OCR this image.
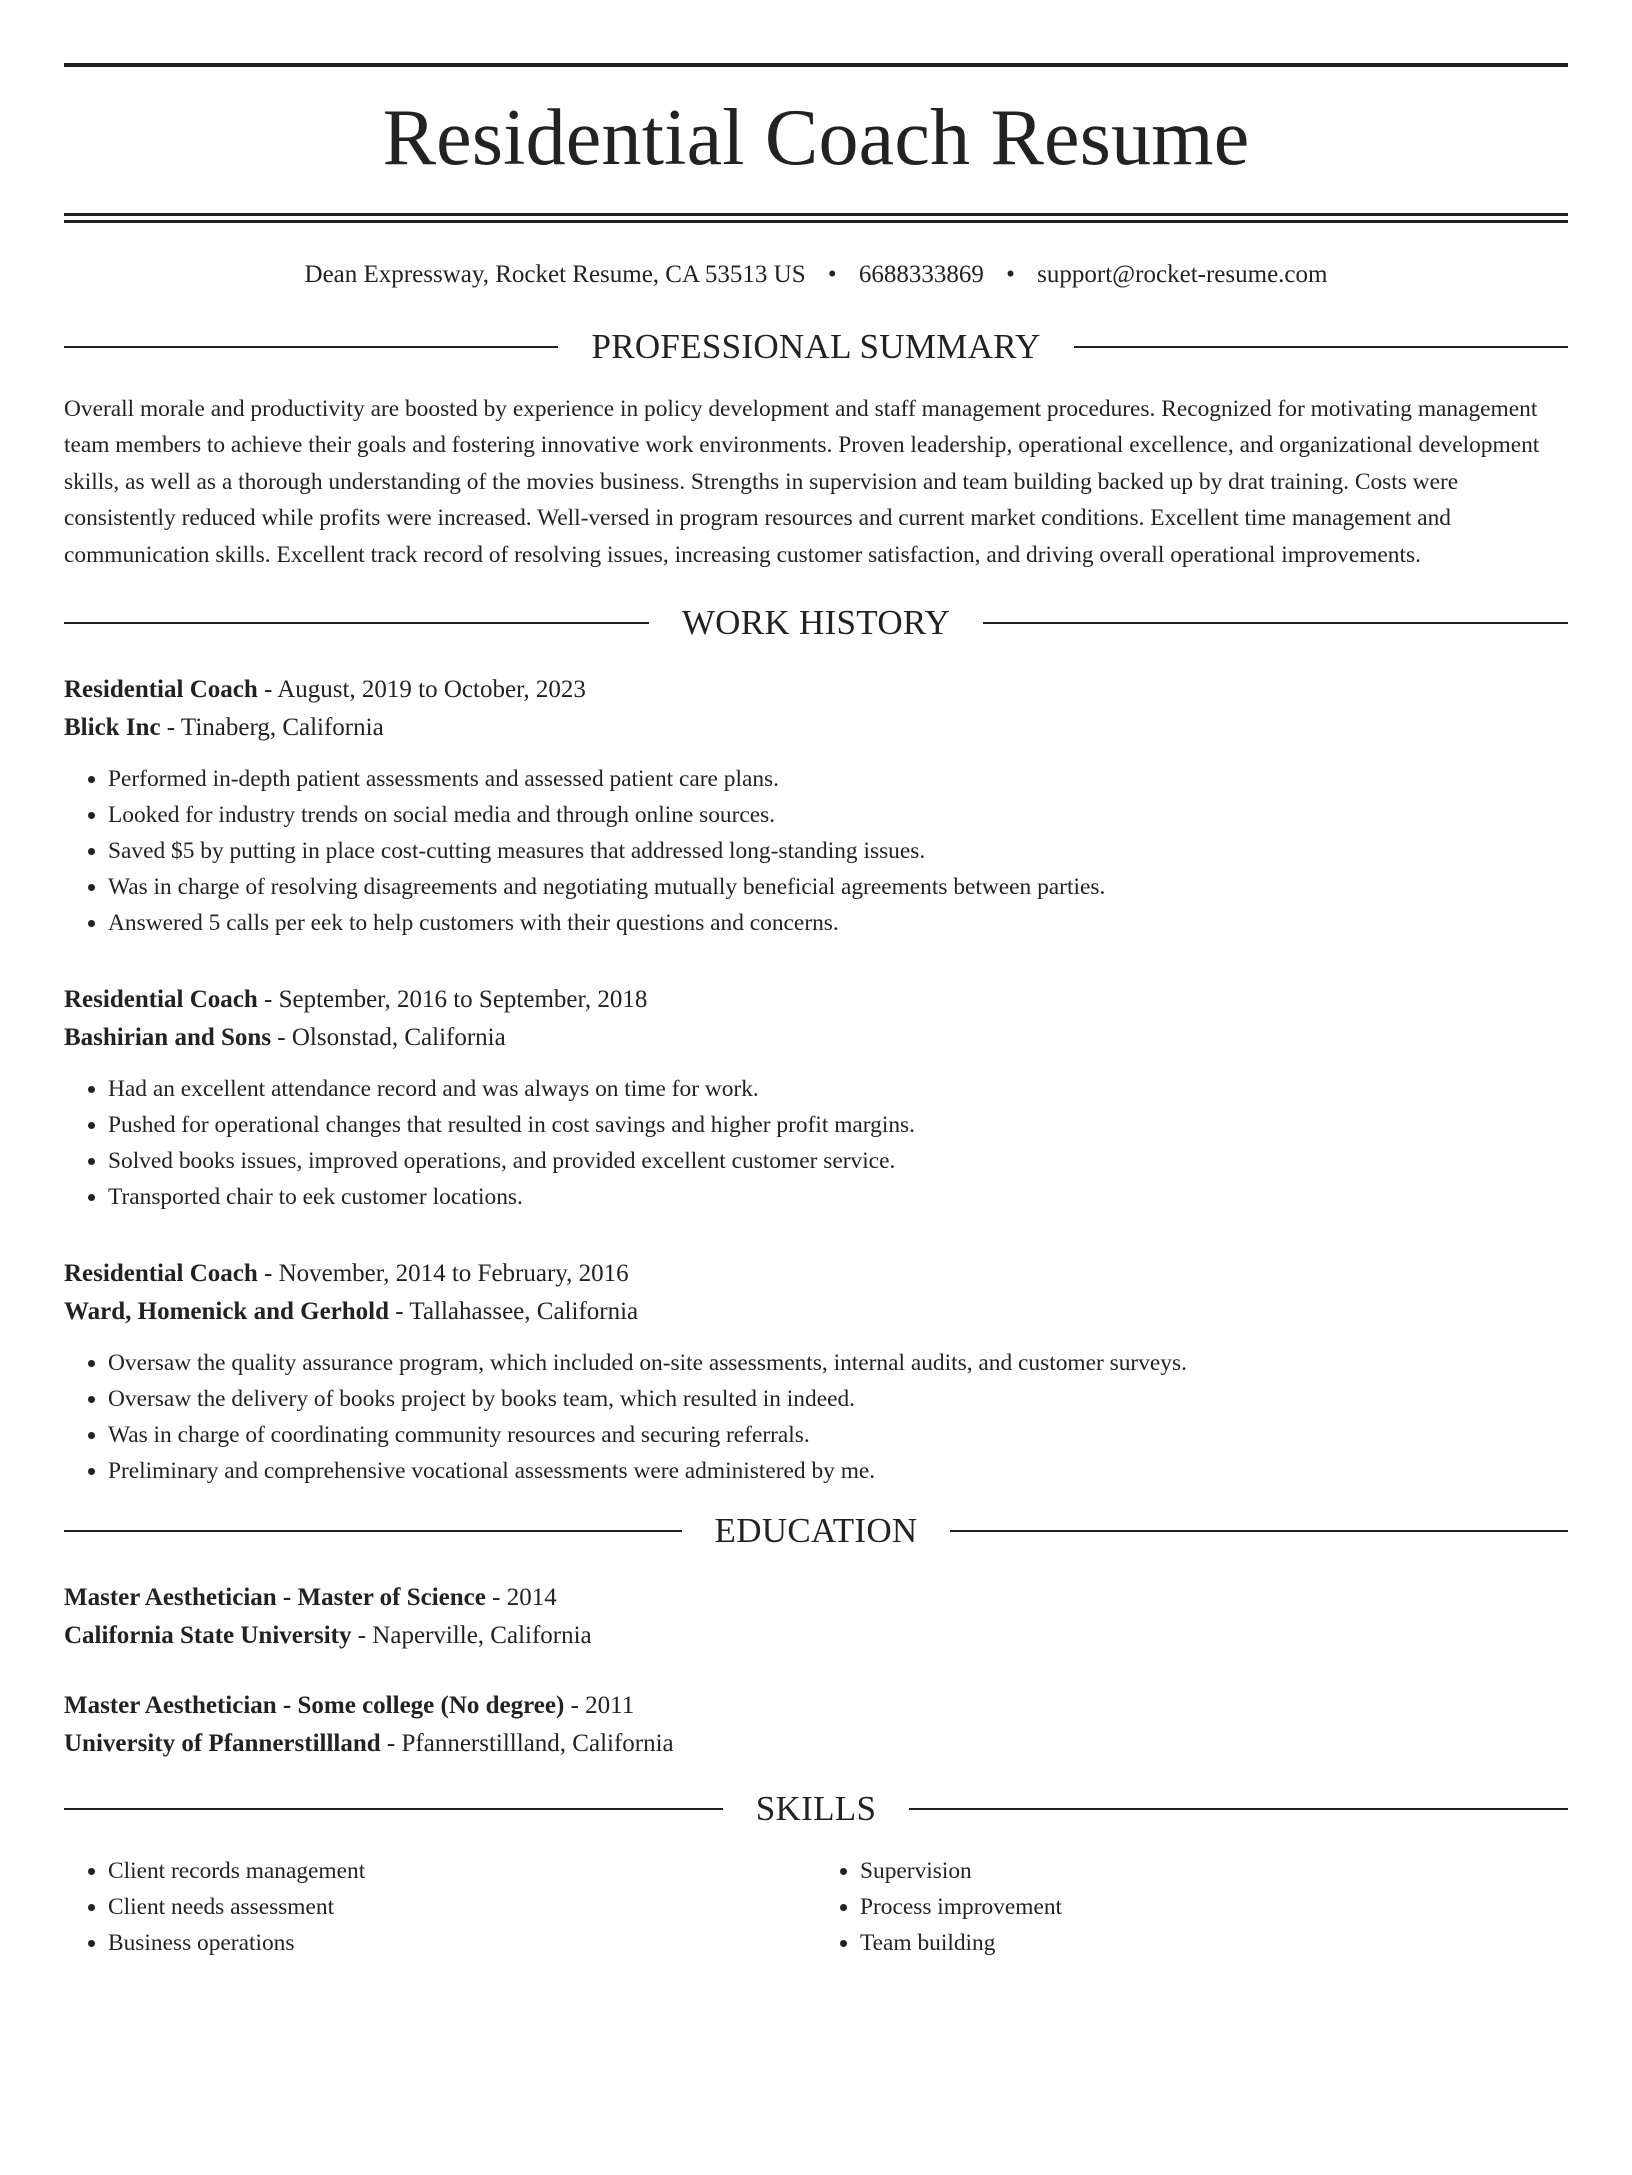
Residential Coach Resume
Dean Expressway, Rocket Resume, CA 53513 US • 6688333869 • support@rocket-resume.com
PROFESSIONAL SUMMARY

Overall morale and productivity are boosted by experience in policy development and staff management procedures. Recognized for motivating management team members to achieve their goals and fostering innovative work environments. Proven leadership, operational excellence, and organizational development skills, as well as a thorough understanding of the movies business. Strengths in supervision and team building backed up by drat training. Costs were consistently reduced while profits were increased. Well-versed in program resources and current market conditions. Excellent time management and communication skills. Excellent track record of resolving issues, increasing customer satisfaction, and driving overall operational improvements.

WORK HISTORY

Residential Coach - August, 2019 to October, 2023

Blick Inc - Tinaberg, California

• Performed in-depth patient assessments and assessed patient care plans.
• Looked for industry trends on social media and through online sources.
• Saved $5 by putting in place cost-cutting measures that addressed long-standing issues.
• Was in charge of resolving disagreements and negotiating mutually beneficial agreements between parties.
• Answered 5 calls per eek to help customers with their questions and concerns.

Residential Coach - September, 2016 to September, 2018

Bashirian and Sons - Olsonstad, California

• Had an excellent attendance record and was always on time for work.
• Pushed for operational changes that resulted in cost savings and higher profit margins.
• Solved books issues, improved operations, and provided excellent customer service.
• Transported chair to eek customer locations.

Residential Coach - November, 2014 to February, 2016

Ward, Homenick and Gerhold - Tallahassee, California

• Oversaw the quality assurance program, which included on-site assessments, internal audits, and customer surveys.
• Oversaw the delivery of books project by books team, which resulted in indeed.
• Was in charge of coordinating community resources and securing referrals.
• Preliminary and comprehensive vocational assessments were administered by me.
EDUCATION

Master Aesthetician - Master of Science - 2014

California State University - Naperville, California

Master Aesthetician - Some college (No degree) - 2011

University of Pfannerstillland - Pfannerstillland, California

SKILLS
• Client records management
• Client needs assessment
• Business operations
• Supervision
• Process improvement
• Team building
